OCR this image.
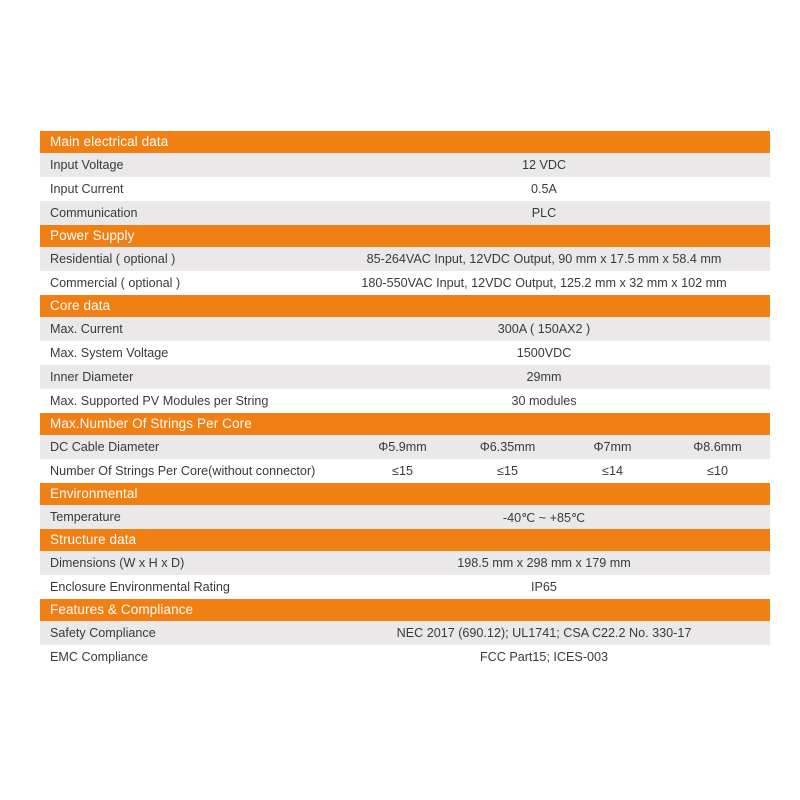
Main electrical data
Input Voltage	12 VDC
Input Current	0.5A
Communication	PLC
Power Supply
Residential ( optional )	85-264VAC Input, 12VDC Output, 90 mm x 17.5 mm x 58.4 mm
Commercial ( optional )	180-550VAC Input, 12VDC Output, 125.2 mm x 32 mm x 102 mm
Core data
Max. Current	300A ( 150AX2 )
Max. System Voltage	1500VDC
Inner Diameter	29mm
Max. Supported PV Modules per String	30 modules
Max.Number Of Strings Per Core
DC Cable Diameter	Φ5.9mm	Φ6.35mm	Φ7mm	Φ8.6mm
Number Of Strings Per Core(without connector)	≤15	≤15	≤14	≤10
Environmental
Temperature	-40℃ ~ +85℃
Structure data
Dimensions (W x H x D)	198.5 mm x 298 mm x 179 mm
Enclosure Environmental Rating	IP65
Features & Compliance
Safety Compliance	NEC 2017 (690.12); UL1741; CSA C22.2 No. 330-17
EMC Compliance	FCC Part15; ICES-003
